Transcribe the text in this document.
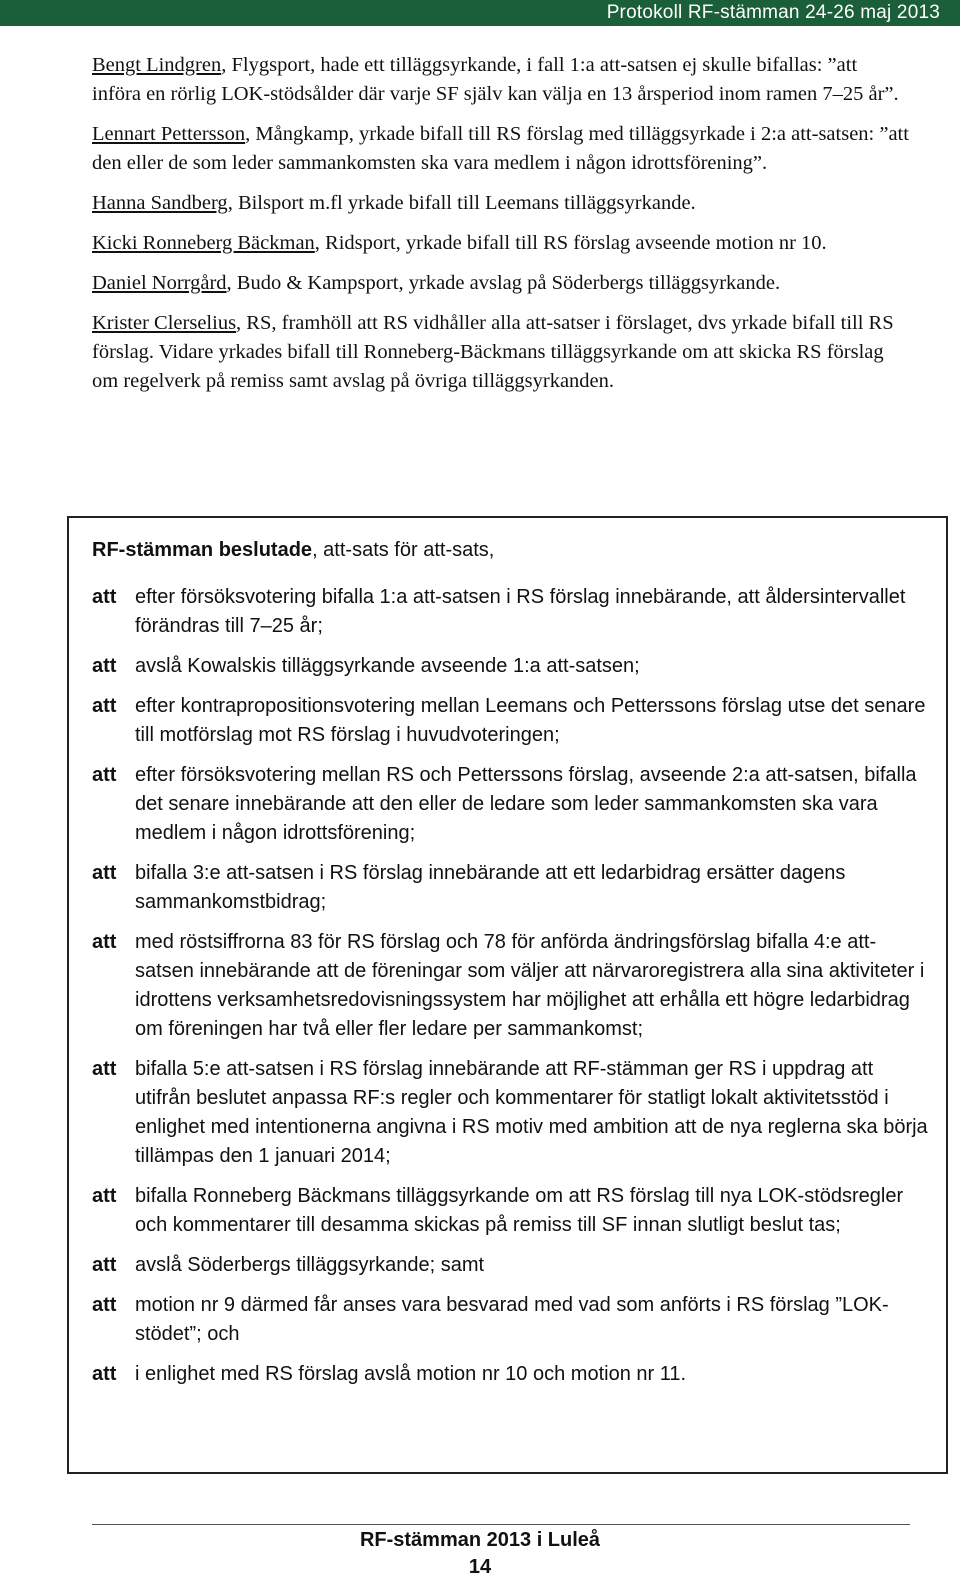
Protokoll RF-stämman 24-26 maj 2013

Bengt Lindgren, Flygsport, hade ett tilläggsyrkande, i fall 1:a att-satsen ej skulle bifallas: ”att införa en rörlig LOK-stödsålder där varje SF själv kan välja en 13 årsperiod inom ramen 7–25 år”.

Lennart Pettersson, Mångkamp, yrkade bifall till RS förslag med tilläggsyrkade i 2:a att-satsen: ”att den eller de som leder sammankomsten ska vara medlem i någon idrottsförening”.

Hanna Sandberg, Bilsport m.fl yrkade bifall till Leemans tilläggsyrkande.

Kicki Ronneberg Bäckman, Ridsport, yrkade bifall till RS förslag avseende motion nr 10.

Daniel Norrgård, Budo & Kampsport, yrkade avslag på Söderbergs tilläggsyrkande.

Krister Clerselius, RS, framhöll att RS vidhåller alla att-satser i förslaget, dvs yrkade bifall till RS förslag. Vidare yrkades bifall till Ronneberg-Bäckmans tilläggsyrkande om att skicka RS förslag om regelverk på remiss samt avslag på övriga tilläggsyrkanden.

RF-stämman beslutade, att-sats för att-sats,

att efter försöksvotering bifalla 1:a att-satsen i RS förslag innebärande, att åldersintervallet förändras till 7–25 år;
att avslå Kowalskis tilläggsyrkande avseende 1:a att-satsen;
att efter kontrapropositionsvotering mellan Leemans och Petterssons förslag utse det senare till motförslag mot RS förslag i huvudvoteringen;
att efter försöksvotering mellan RS och Petterssons förslag, avseende 2:a att-satsen, bifalla det senare innebärande att den eller de ledare som leder sammankomsten ska vara medlem i någon idrottsförening;
att bifalla 3:e att-satsen i RS förslag innebärande att ett ledarbidrag ersätter dagens sammankomstbidrag;
att med röstsiffrorna 83 för RS förslag och 78 för anförda ändringsförslag bifalla 4:e att-satsen innebärande att de föreningar som väljer att närvaroregistrera alla sina aktiviteter i idrottens verksamhetsredovisningssystem har möjlighet att erhålla ett högre ledarbidrag om föreningen har två eller fler ledare per sammankomst;
att bifalla 5:e att-satsen i RS förslag innebärande att RF-stämman ger RS i uppdrag att utifrån beslutet anpassa RF:s regler och kommentarer för statligt lokalt aktivitetsstöd i enlighet med intentionerna angivna i RS motiv med ambition att de nya reglerna ska börja tillämpas den 1 januari 2014;
att bifalla Ronneberg Bäckmans tilläggsyrkande om att RS förslag till nya LOK-stödsregler och kommentarer till desamma skickas på remiss till SF innan slutligt beslut tas;
att avslå Söderbergs tilläggsyrkande; samt
att motion nr 9 därmed får anses vara besvarad med vad som anförts i RS förslag ”LOK-stödet”; och
att i enlighet med RS förslag avslå motion nr 10 och motion nr 11.
RF-stämman 2013 i Luleå
14
